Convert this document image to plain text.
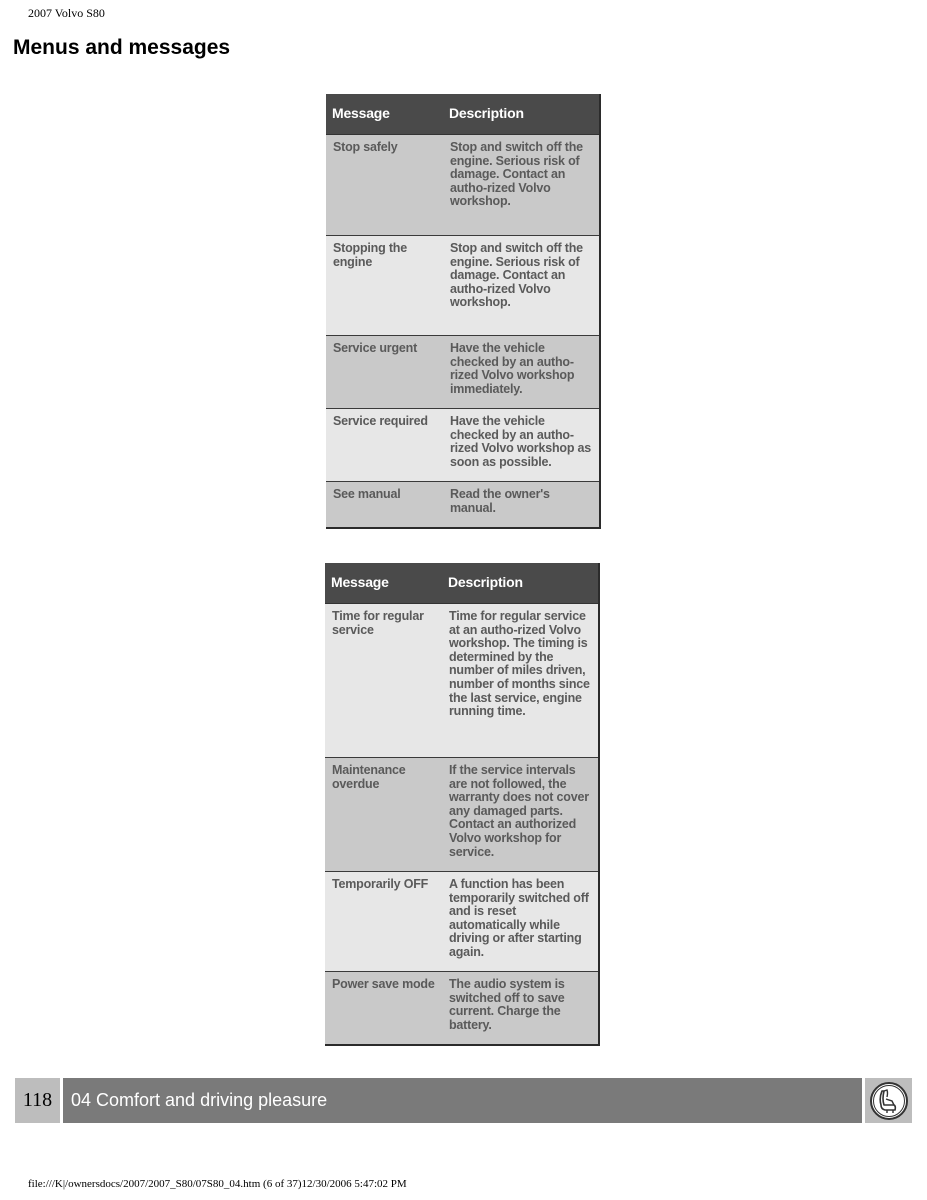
2007 Volvo S80
Menus and messages
Message	Description
Stop safely	Stop and switch off the engine. Serious risk of damage. Contact an autho-rized Volvo workshop.
Stopping the engine	Stop and switch off the engine. Serious risk of damage. Contact an autho-rized Volvo workshop.
Service urgent	Have the vehicle checked by an autho-rized Volvo workshop immediately.
Service required	Have the vehicle checked by an autho-rized Volvo workshop as soon as possible.
See manual	Read the owner's manual.
Message	Description
Time for regular service	Time for regular service at an autho-rized Volvo workshop. The timing is determined by the number of miles driven, number of months since the last service, engine running time.
Maintenance overdue	If the service intervals are not followed, the warranty does not cover any damaged parts. Contact an authorized Volvo workshop for service.
Temporarily OFF	A function has been temporarily switched off and is reset automatically while driving or after starting again.
Power save mode	The audio system is switched off to save current. Charge the battery.
118	04 Comfort and driving pleasure
file:///K|/ownersdocs/2007/2007_S80/07S80_04.htm (6 of 37)12/30/2006 5:47:02 PM
